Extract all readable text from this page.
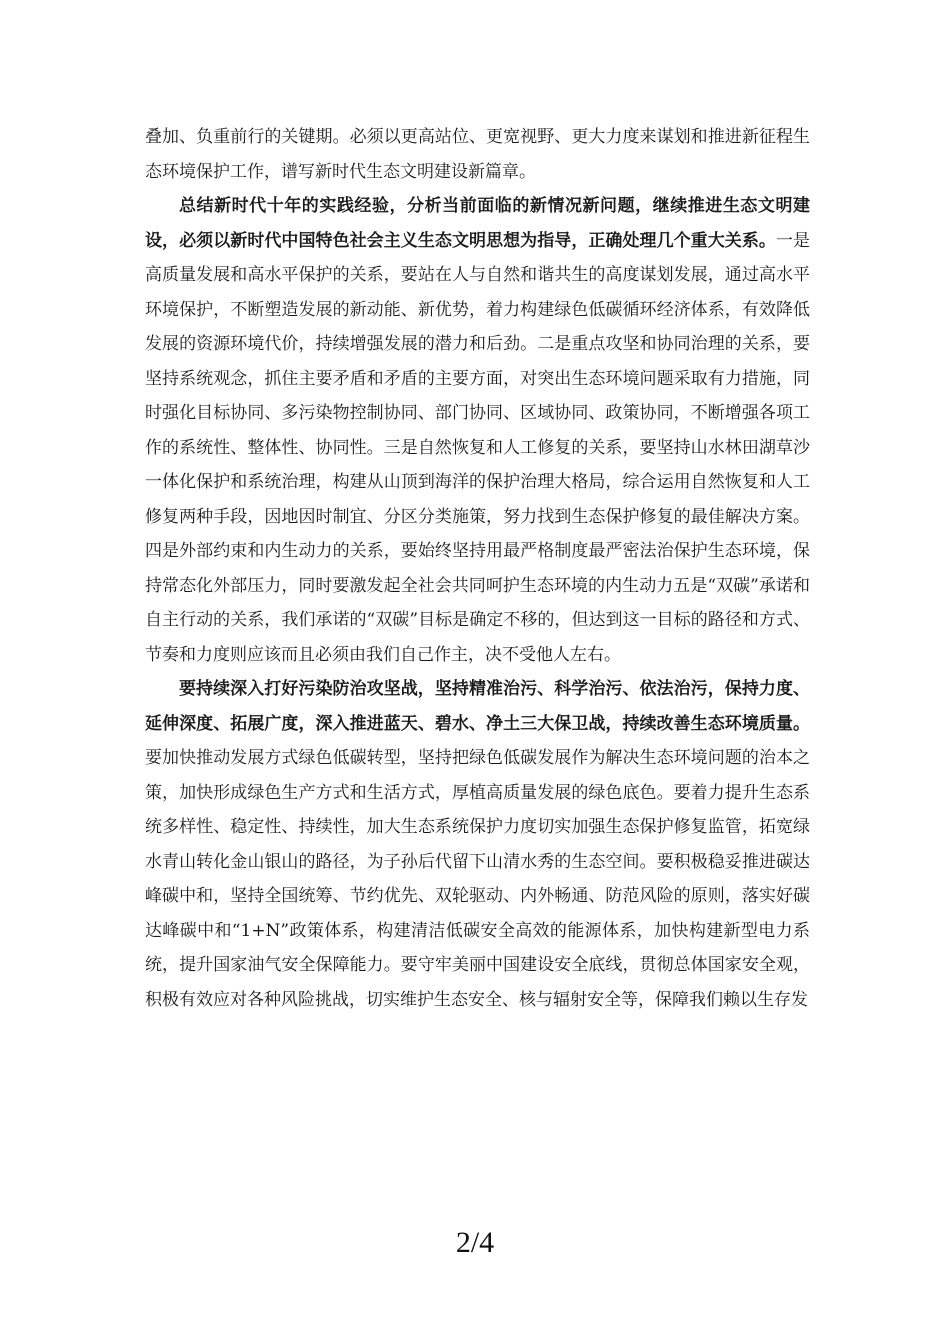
叠加、负重前行的关键期。必须以更高站位、更宽视野、更大力度来谋划和推进新征程生态环境保护工作，谱写新时代生态文明建设新篇章。

总结新时代十年的实践经验，分析当前面临的新情况新问题，继续推进生态文明建设，必须以新时代中国特色社会主义生态文明思想为指导，正确处理几个重大关系。一是高质量发展和高水平保护的关系，要站在人与自然和谐共生的高度谋划发展，通过高水平环境保护，不断塑造发展的新动能、新优势，着力构建绿色低碳循环经济体系，有效降低发展的资源环境代价，持续增强发展的潜力和后劲。二是重点攻坚和协同治理的关系，要坚持系统观念，抓住主要矛盾和矛盾的主要方面，对突出生态环境问题采取有力措施，同时强化目标协同、多污染物控制协同、部门协同、区域协同、政策协同，不断增强各项工作的系统性、整体性、协同性。三是自然恢复和人工修复的关系，要坚持山水林田湖草沙一体化保护和系统治理，构建从山顶到海洋的保护治理大格局，综合运用自然恢复和人工修复两种手段，因地因时制宜、分区分类施策，努力找到生态保护修复的最佳解决方案。四是外部约束和内生动力的关系，要始终坚持用最严格制度最严密法治保护生态环境，保持常态化外部压力，同时要激发起全社会共同呵护生态环境的内生动力五是“双碳”承诺和自主行动的关系，我们承诺的“双碳”目标是确定不移的，但达到这一目标的路径和方式、节奏和力度则应该而且必须由我们自己作主，决不受他人左右。

要持续深入打好污染防治攻坚战，坚持精准治污、科学治污、依法治污，保持力度、延伸深度、拓展广度，深入推进蓝天、碧水、净土三大保卫战，持续改善生态环境质量。要加快推动发展方式绿色低碳转型，坚持把绿色低碳发展作为解决生态环境问题的治本之策，加快形成绿色生产方式和生活方式，厚植高质量发展的绿色底色。要着力提升生态系统多样性、稳定性、持续性，加大生态系统保护力度切实加强生态保护修复监管，拓宽绿水青山转化金山银山的路径，为子孙后代留下山清水秀的生态空间。要积极稳妥推进碳达峰碳中和，坚持全国统筹、节约优先、双轮驱动、内外畅通、防范风险的原则，落实好碳达峰碳中和“1+N”政策体系，构建清洁低碳安全高效的能源体系，加快构建新型电力系统，提升国家油气安全保障能力。要守牢美丽中国建设安全底线，贯彻总体国家安全观，积极有效应对各种风险挑战，切实维护生态安全、核与辐射安全等，保障我们赖以生存发

2/4
